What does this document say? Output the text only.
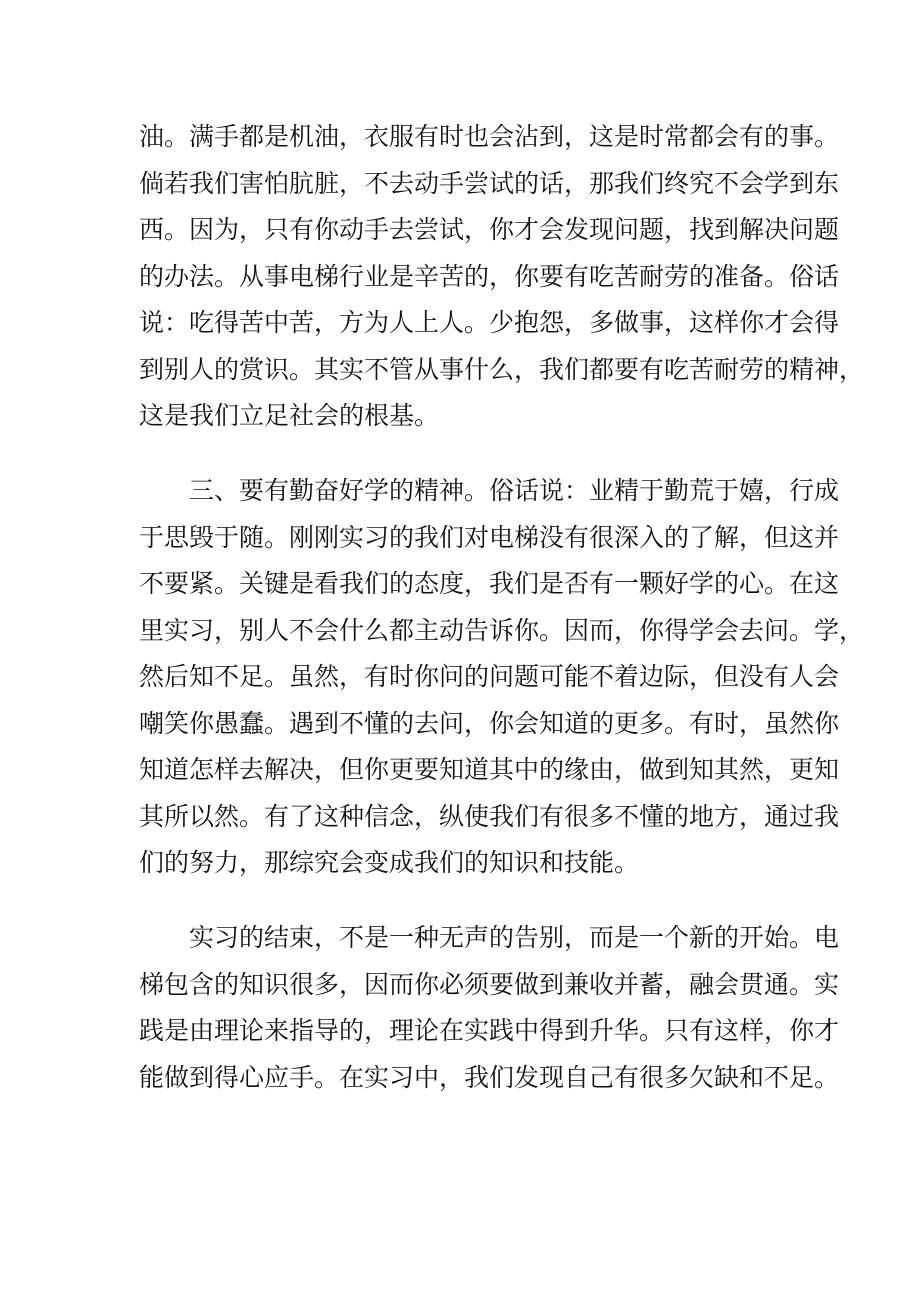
油。满手都是机油，衣服有时也会沾到，这是时常都会有的事。
倘若我们害怕肮脏，不去动手尝试的话，那我们终究不会学到东
西。因为，只有你动手去尝试，你才会发现问题，找到解决问题
的办法。从事电梯行业是辛苦的，你要有吃苦耐劳的准备。俗话
说：吃得苦中苦，方为人上人。少抱怨，多做事，这样你才会得
到别人的赏识。其实不管从事什么，我们都要有吃苦耐劳的精神，
这是我们立足社会的根基。
三、要有勤奋好学的精神。俗话说：业精于勤荒于嬉，行成
于思毁于随。刚刚实习的我们对电梯没有很深入的了解，但这并
不要紧。关键是看我们的态度，我们是否有一颗好学的心。在这
里实习，别人不会什么都主动告诉你。因而，你得学会去问。学，
然后知不足。虽然，有时你问的问题可能不着边际，但没有人会
嘲笑你愚蠢。遇到不懂的去问，你会知道的更多。有时，虽然你
知道怎样去解决，但你更要知道其中的缘由，做到知其然，更知
其所以然。有了这种信念，纵使我们有很多不懂的地方，通过我
们的努力，那综究会变成我们的知识和技能。
实习的结束，不是一种无声的告别，而是一个新的开始。电
梯包含的知识很多，因而你必须要做到兼收并蓄，融会贯通。实
践是由理论来指导的，理论在实践中得到升华。只有这样，你才
能做到得心应手。在实习中，我们发现自己有很多欠缺和不足。
